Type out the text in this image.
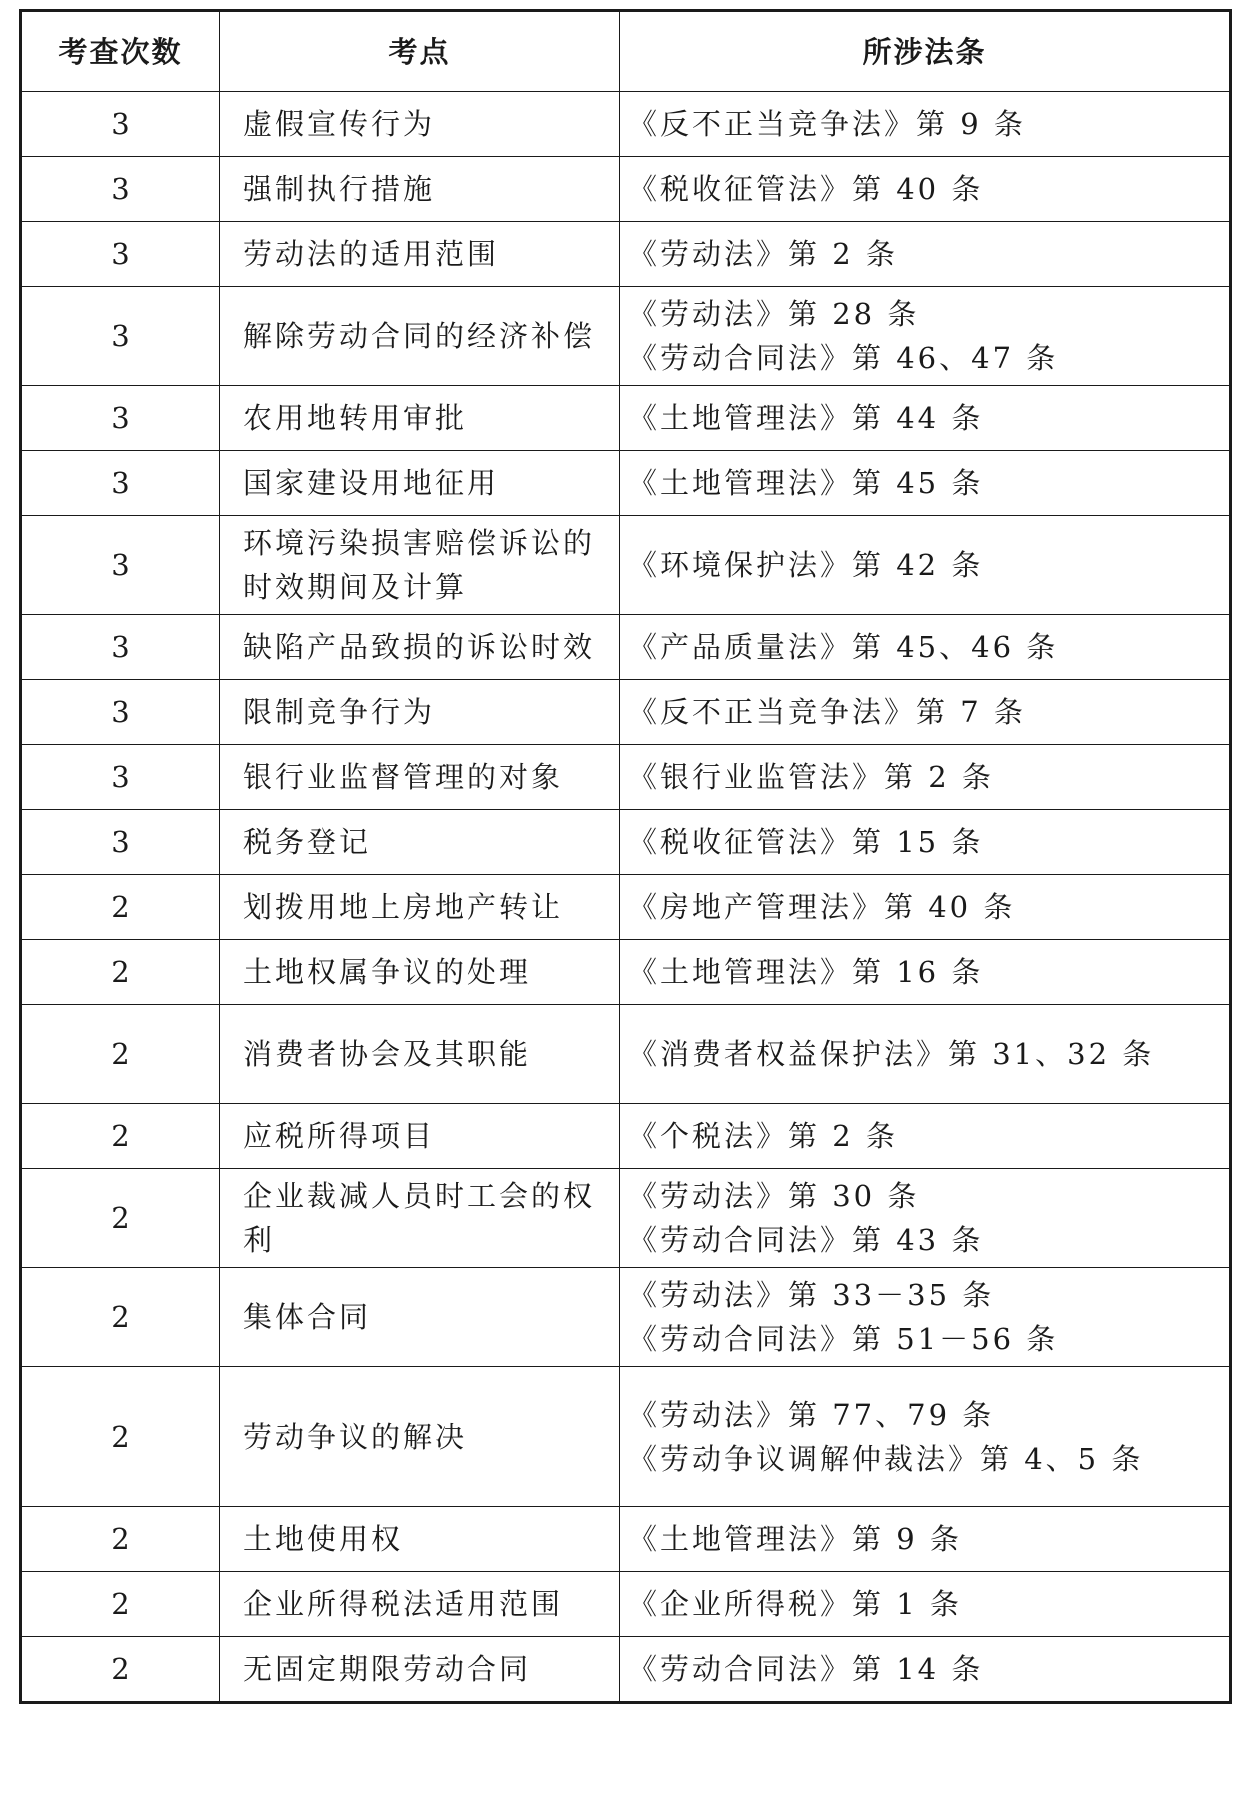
考查次数	考点	所涉法条
3	虚假宣传行为	《反不正当竞争法》第 9 条

3	强制执行措施	《税收征管法》第 40 条

3	劳动法的适用范围	《劳动法》第 2 条

3	解除劳动合同的经济补偿	《劳动法》第 28 条
《劳动合同法》第 46、47 条

3	农用地转用审批	《土地管理法》第 44 条

3	国家建设用地征用	《土地管理法》第 45 条

3	环境污染损害赔偿诉讼的时效期间及计算	《环境保护法》第 42 条

3	缺陷产品致损的诉讼时效	《产品质量法》第 45、46 条

3	限制竞争行为	《反不正当竞争法》第 7 条

3	银行业监督管理的对象	《银行业监管法》第 2 条

3	税务登记	《税收征管法》第 15 条

2	划拨用地上房地产转让	《房地产管理法》第 40 条

2	土地权属争议的处理	《土地管理法》第 16 条

2	消费者协会及其职能	《消费者权益保护法》第 31、32 条

2	应税所得项目	《个税法》第 2 条

2	企业裁减人员时工会的权利	《劳动法》第 30 条
《劳动合同法》第 43 条

2	集体合同	《劳动法》第 33－35 条
《劳动合同法》第 51－56 条

2	劳动争议的解决	《劳动法》第 77、79 条
《劳动争议调解仲裁法》第 4、5 条

2	土地使用权	《土地管理法》第 9 条

2	企业所得税法适用范围	《企业所得税》第 1 条

2	无固定期限劳动合同	《劳动合同法》第 14 条
